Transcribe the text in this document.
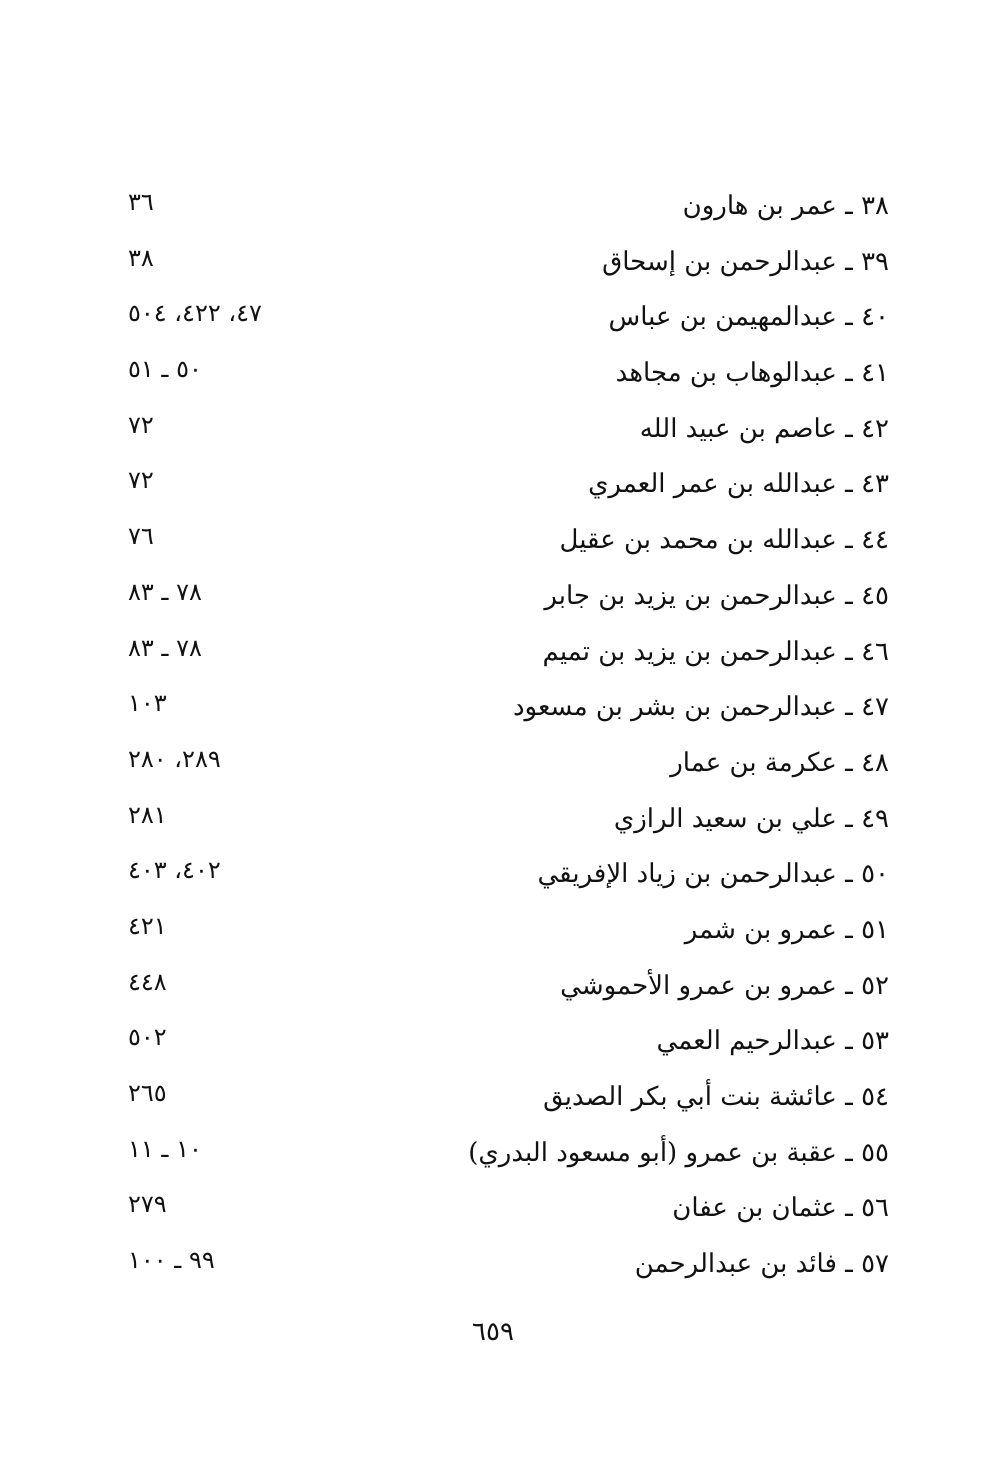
٣٨ ـ عمر بن هارون
٣٦
٣٩ ـ عبدالرحمن بن إسحاق
٣٨
٤٠ ـ عبدالمهيمن بن عباس
٤٧، ٤٢٢، ٥٠٤
٤١ ـ عبدالوهاب بن مجاهد
٥٠ ـ ٥١
٤٢ ـ عاصم بن عبيد الله
٧٢
٤٣ ـ عبدالله بن عمر العمري
٧٢
٤٤ ـ عبدالله بن محمد بن عقيل
٧٦
٤٥ ـ عبدالرحمن بن يزيد بن جابر
٧٨ ـ ٨٣
٤٦ ـ عبدالرحمن بن يزيد بن تميم
٧٨ ـ ٨٣
٤٧ ـ عبدالرحمن بن بشر بن مسعود
١٠٣
٤٨ ـ عكرمة بن عمار
٢٨٩، ٢٨٠
٤٩ ـ علي بن سعيد الرازي
٢٨١
٥٠ ـ عبدالرحمن بن زياد الإفريقي
٤٠٢، ٤٠٣
٥١ ـ عمرو بن شمر
٤٢١
٥٢ ـ عمرو بن عمرو الأحموشي
٤٤٨
٥٣ ـ عبدالرحيم العمي
٥٠٢
٥٤ ـ عائشة بنت أبي بكر الصديق
٢٦٥
٥٥ ـ عقبة بن عمرو (أبو مسعود البدري)
١٠ ـ ١١
٥٦ ـ عثمان بن عفان
٢٧٩
٥٧ ـ فائد بن عبدالرحمن
٩٩ ـ ١٠٠
٦٥٩
